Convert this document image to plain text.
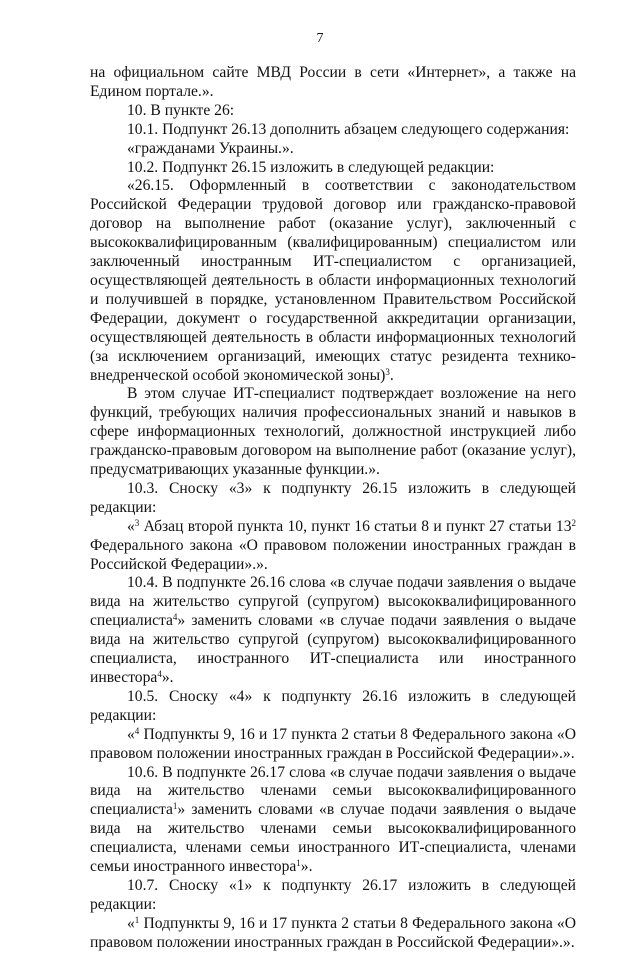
7

на официальном сайте МВД России в сети «Интернет», а также на Едином портале.».

10. В пункте 26:

10.1. Подпункт 26.13 дополнить абзацем следующего содержания:

«гражданами Украины.».

10.2. Подпункт 26.15 изложить в следующей редакции:

«26.15. Оформленный в соответствии с законодательством Российской Федерации трудовой договор или гражданско-правовой договор на выполнение работ (оказание услуг), заключенный с высококвалифицированным (квалифицированным) специалистом или заключенный иностранным ИТ-специалистом с организацией, осуществляющей деятельность в области информационных технологий и получившей в порядке, установленном Правительством Российской Федерации, документ о государственной аккредитации организации, осуществляющей деятельность в области информационных технологий (за исключением организаций, имеющих статус резидента технико-внедренческой особой экономической зоны)$^3$.

В этом случае ИТ-специалист подтверждает возложение на него функций, требующих наличия профессиональных знаний и навыков в сфере информационных технологий, должностной инструкцией либо гражданско-правовым договором на выполнение работ (оказание услуг), предусматривающих указанные функции.».

10.3. Сноску «3» к подпункту 26.15 изложить в следующей редакции:

«$^3$ Абзац второй пункта 10, пункт 16 статьи 8 и пункт 27 статьи $13^2$ Федерального закона «О правовом положении иностранных граждан в Российской Федерации».».

10.4. В подпункте 26.16 слова «в случае подачи заявления о выдаче вида на жительство супругой (супругом) высококвалифицированного специалиста$^4$» заменить словами «в случае подачи заявления о выдаче вида на жительство супругой (супругом) высококвалифицированного специалиста, иностранного ИТ-специалиста или иностранного инвестора$^4$».

10.5. Сноску «4» к подпункту 26.16 изложить в следующей редакции:

«$^4$ Подпункты 9, 16 и 17 пункта 2 статьи 8 Федерального закона «О правовом положении иностранных граждан в Российской Федерации».».

10.6. В подпункте 26.17 слова «в случае подачи заявления о выдаче вида на жительство членами семьи высококвалифицированного специалиста$^1$» заменить словами «в случае подачи заявления о выдаче вида на жительство членами семьи высококвалифицированного специалиста, членами семьи иностранного ИТ-специалиста, членами семьи иностранного инвестора$^1$».

10.7. Сноску «1» к подпункту 26.17 изложить в следующей редакции:

«$^1$ Подпункты 9, 16 и 17 пункта 2 статьи 8 Федерального закона «О правовом положении иностранных граждан в Российской Федерации».».
